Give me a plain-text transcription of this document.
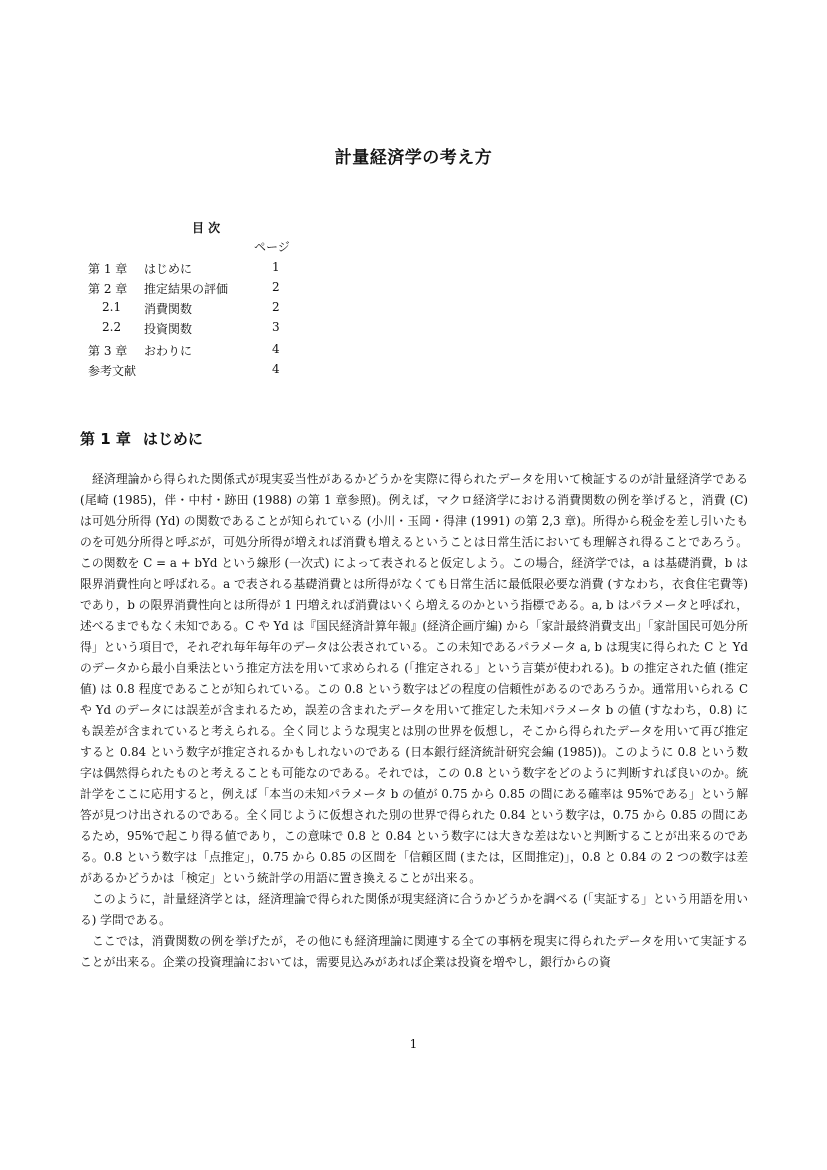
計量経済学の考え方
目 次
ページ
第 1 章 はじめに	1
第 2 章 推定結果の評価	2
2.1 消費関数	2
2.2 投資関数	3
第 3 章 おわりに	4
参考文献	4
第 1 章 はじめに

経済理論から得られた関係式が現実妥当性があるかどうかを実際に得られたデータを用いて検証するのが計量経済学である (尾崎 (1985)，伴・中村・跡田 (1988) の第 1 章参照)。例えば，マクロ経済学における消費関数の例を挙げると，消費 (C) は可処分所得 (Yd) の関数であることが知られている (小川・玉岡・得津 (1991) の第 2,3 章)。所得から税金を差し引いたものを可処分所得と呼ぶが，可処分所得が増えれば消費も増えるということは日常生活においても理解され得ることであろう。この関数を C = a + bYd という線形 (一次式) によって表されると仮定しよう。この場合，経済学では，a は基礎消費，b は限界消費性向と呼ばれる。a で表される基礎消費とは所得がなくても日常生活に最低限必要な消費 (すなわち，衣食住宅費等) であり，b の限界消費性向とは所得が 1 円増えれば消費はいくら増えるのかという指標である。a, b はパラメータと呼ばれ，述べるまでもなく未知である。C や Yd は『国民経済計算年報』(経済企画庁編) から「家計最終消費支出」「家計国民可処分所得」という項目で，それぞれ毎年毎年のデータは公表されている。この未知であるパラメータ a, b は現実に得られた C と Yd のデータから最小自乗法という推定方法を用いて求められる (「推定される」という言葉が使われる)。b の推定された値 (推定値) は 0.8 程度であることが知られている。この 0.8 という数字はどの程度の信頼性があるのであろうか。通常用いられる C や Yd のデータには誤差が含まれるため，誤差の含まれたデータを用いて推定した未知パラメータ b の値 (すなわち，0.8) にも誤差が含まれていると考えられる。全く同じような現実とは別の世界を仮想し，そこから得られたデータを用いて再び推定すると 0.84 という数字が推定されるかもしれないのである (日本銀行経済統計研究会編 (1985))。このように 0.8 という数字は偶然得られたものと考えることも可能なのである。それでは，この 0.8 という数字をどのように判断すれば良いのか。統計学をここに応用すると，例えば「本当の未知パラメータ b の値が 0.75 から 0.85 の間にある確率は 95%である」という解答が見つけ出されるのである。全く同じように仮想された別の世界で得られた 0.84 という数字は，0.75 から 0.85 の間にあるため，95%で起こり得る値であり，この意味で 0.8 と 0.84 という数字には大きな差はないと判断することが出来るのである。0.8 という数字は「点推定」，0.75 から 0.85 の区間を「信頼区間 (または，区間推定)」，0.8 と 0.84 の 2 つの数字は差があるかどうかは「検定」という統計学の用語に置き換えることが出来る。

このように，計量経済学とは，経済理論で得られた関係が現実経済に合うかどうかを調べる (「実証する」という用語を用いる) 学問である。

ここでは，消費関数の例を挙げたが，その他にも経済理論に関連する全ての事柄を現実に得られたデータを用いて実証することが出来る。企業の投資理論においては，需要見込みがあれば企業は投資を増やし，銀行からの資

1
